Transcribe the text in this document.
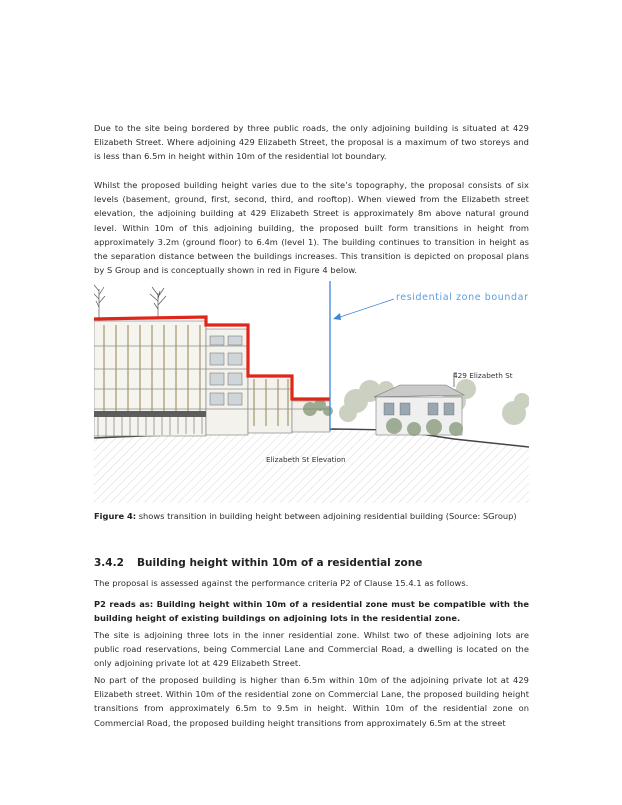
Due to the site being bordered by three public roads, the only adjoining building is situated at 429 Elizabeth Street. Where adjoining 429 Elizabeth Street, the proposal is a maximum of two storeys and is less than 6.5m in height within 10m of the residential lot boundary.

Whilst the proposed building height varies due to the site’s topography, the proposal consists of six levels (basement, ground, first, second, third, and rooftop). When viewed from the Elizabeth street elevation, the adjoining building at 429 Elizabeth Street is approximately 8m above natural ground level. Within 10m of this adjoining building, the proposed built form transitions in height from approximately 3.2m (ground floor) to 6.4m (level 1). The building continues to transition in height as the separation distance between the buildings increases. This transition is depicted on proposal plans by S Group and is conceptually shown in red in Figure 4 below.

residential zone boundary
429 Elizabeth St
Elizabeth St Elevation

Figure 4: shows transition in building height between adjoining residential building (Source: SGroup)

3.4.2 Building height within 10m of a residential zone

The proposal is assessed against the performance criteria P2 of Clause 15.4.1 as follows.

P2 reads as: Building height within 10m of a residential zone must be compatible with the building height of existing buildings on adjoining lots in the residential zone.

The site is adjoining three lots in the inner residential zone. Whilst two of these adjoining lots are public road reservations, being Commercial Lane and Commercial Road, a dwelling is located on the only adjoining private lot at 429 Elizabeth Street.

No part of the proposed building is higher than 6.5m within 10m of the adjoining private lot at 429 Elizabeth street. Within 10m of the residential zone on Commercial Lane, the proposed building height transitions from approximately 6.5m to 9.5m in height. Within 10m of the residential zone on Commercial Road, the proposed building height transitions from approximately 6.5m at the street
